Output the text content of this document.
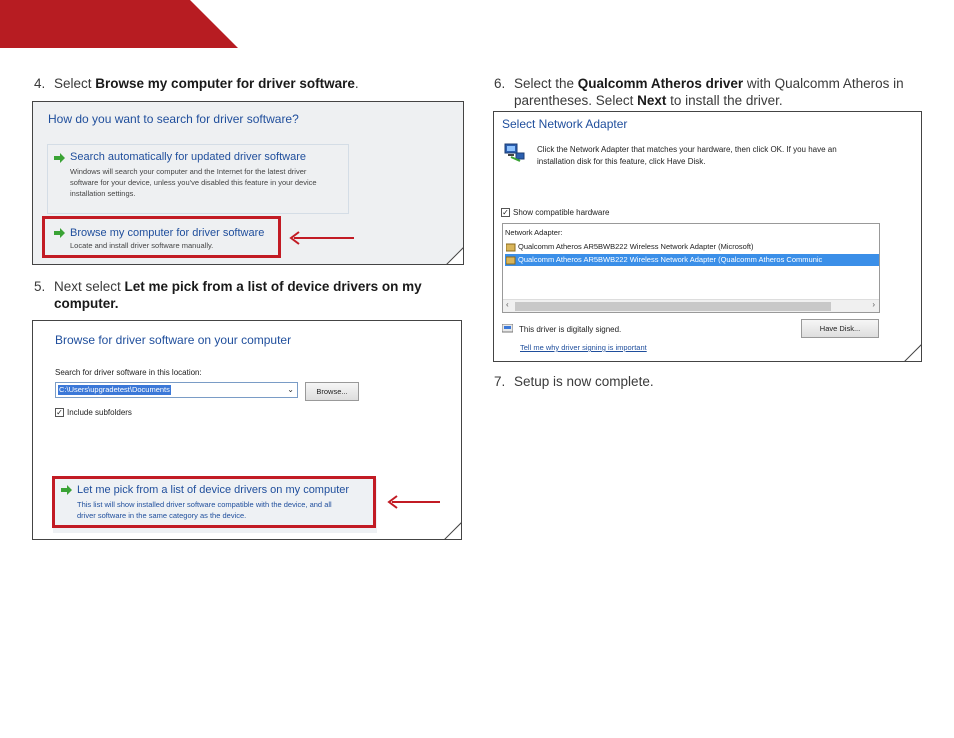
4. Select Browse my computer for driver software.
How do you want to search for driver software?
Search automatically for updated driver software
Windows will search your computer and the Internet for the latest driver
software for your device, unless you've disabled this feature in your device
installation settings.
Browse my computer for driver software
Locate and install driver software manually.
5. Next select Let me pick from a list of device drivers on my computer.
Browse for driver software on your computer
Search for driver software in this location:
C:\Users\upgradetest\Documents	⌄	Browse...
✓ Include subfolders
Let me pick from a list of device drivers on my computer
This list will show installed driver software compatible with the device, and all
driver software in the same category as the device.
6. Select the Qualcomm Atheros driver with Qualcomm Atheros in parentheses. Select Next to install the driver.
Select Network Adapter
Click the Network Adapter that matches your hardware, then click OK. If you have an
installation disk for this feature, click Have Disk.
✓ Show compatible hardware
Network Adapter:
Qualcomm Atheros AR5BWB222 Wireless Network Adapter (Microsoft)
Qualcomm Atheros AR5BWB222 Wireless Network Adapter (Qualcomm Atheros Communic
‹	›
This driver is digitally signed.	Have Disk...
Tell me why driver signing is important
7. Setup is now complete.
